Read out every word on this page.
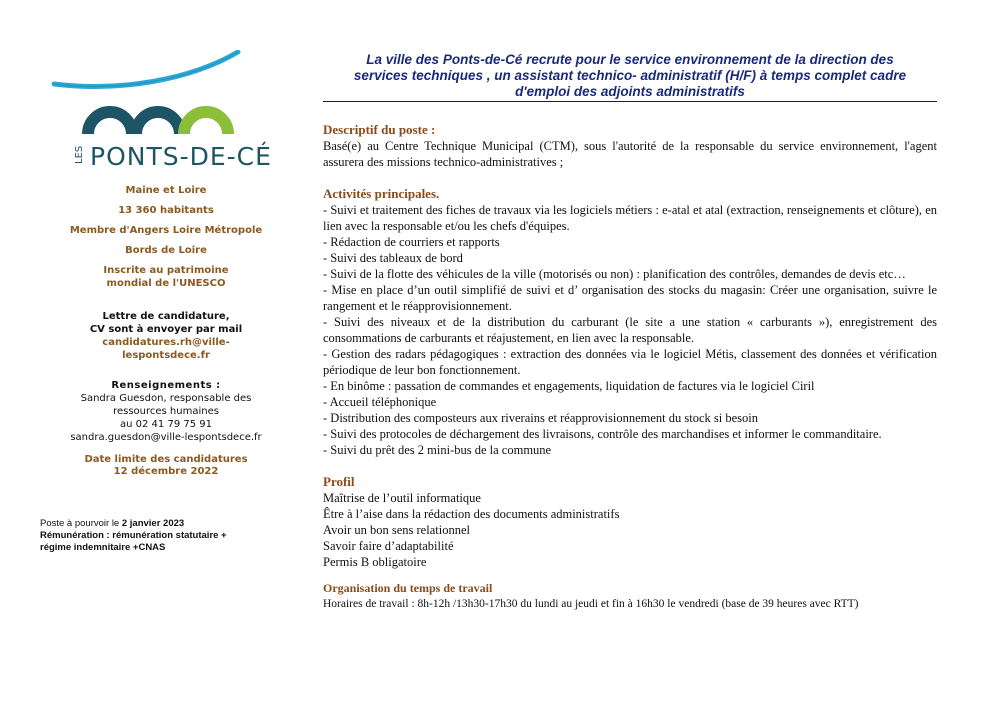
LES PONTS-DE-CÉ

Maine et Loire

13 360 habitants

Membre d'Angers Loire Métropole

Bords de Loire

Inscrite au patrimoine

mondial de l'UNESCO

Lettre de candidature,

CV sont à envoyer par mail

candidatures.rh@ville-

lespontsdece.fr

Renseignements :

Sandra Guesdon, responsable des

ressources humaines

au 02 41 79 75 91

sandra.guesdon@ville-lespontsdece.fr

Date limite des candidatures

12 décembre 2022

Poste à pourvoir le 2 janvier 2023
Rémunération : rémunération statutaire +
régime indemnitaire +CNAS
La ville des Ponts-de-Cé recrute pour le service environnement de la direction des
services techniques , un assistant technico- administratif (H/F) à temps complet cadre
d'emploi des adjoints administratifs

Descriptif du poste :

Basé(e) au Centre Technique Municipal (CTM), sous l'autorité de la responsable du service environnement, l'agent assurera des missions technico-administratives ;

Activités principales.

- Suivi et traitement des fiches de travaux via les logiciels métiers : e-atal et atal (extraction, renseignements et clôture), en lien avec la responsable et/ou les chefs d'équipes.

- Rédaction de courriers et rapports

- Suivi des tableaux de bord

- Suivi de la flotte des véhicules de la ville (motorisés ou non) : planification des contrôles, demandes de devis etc…

- Mise en place d’un outil simplifié de suivi et d’ organisation des stocks du magasin: Créer une organisation, suivre le rangement et le réapprovisionnement.

- Suivi des niveaux et de la distribution du carburant (le site a une station « carburants »), enregistrement des consommations de carburants et réajustement, en lien avec la responsable.

- Gestion des radars pédagogiques : extraction des données via le logiciel Métis, classement des données et vérification périodique de leur bon fonctionnement.

- En binôme : passation de commandes et engagements, liquidation de factures via le logiciel Ciril

- Accueil téléphonique

- Distribution des composteurs aux riverains et réapprovisionnement du stock si besoin

- Suivi des protocoles de déchargement des livraisons, contrôle des marchandises et informer le commanditaire.

- Suivi du prêt des 2 mini-bus de la commune

Profil

Maîtrise de l’outil informatique

Être à l’aise dans la rédaction des documents administratifs

Avoir un bon sens relationnel

Savoir faire d’adaptabilité

Permis B obligatoire

Organisation du temps de travail

Horaires de travail : 8h-12h /13h30-17h30 du lundi au jeudi et fin à 16h30 le vendredi (base de 39 heures avec RTT)
